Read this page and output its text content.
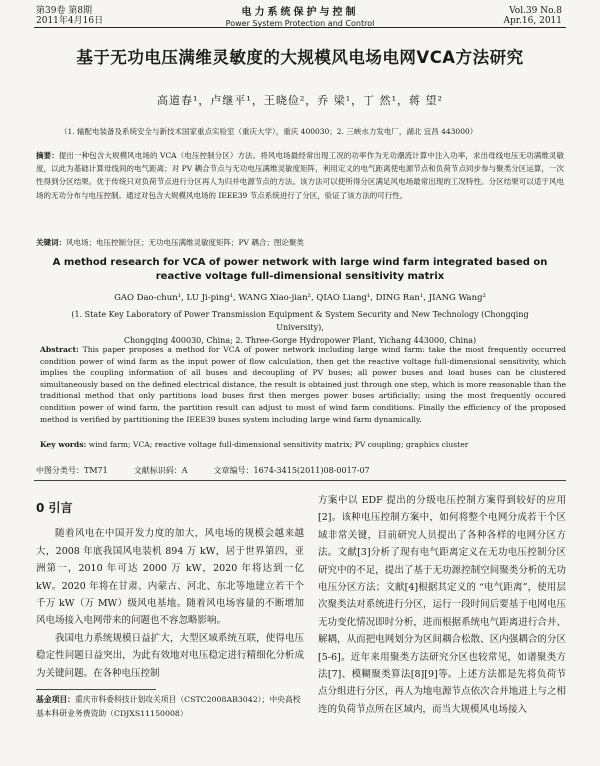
第39卷 第8期
2011年4月16日
电力系统保护与控制
Power System Protection and Control
Vol.39 No.8
Apr.16, 2011
基于无功电压满维灵敏度的大规模风电场电网VCA方法研究
高道春¹，卢继平¹，王晓俭²，乔 梁¹，丁 然¹，蒋 望²
（1. 输配电装备及系统安全与新技术国家重点实验室（重庆大学），重庆 400030；2. 三峡水力发电厂，湖北 宜昌 443000）
摘要：提出一种包含大规模风电场的 VCA（电压控制分区）方法。将风电场最经常出现工况的功率作为无功潮流计算中注入功率，求出母线电压无功满维灵敏度，以此为基础计算母线间的电气距离；对 PV 耦合节点与无功电压满维灵敏度矩阵，利用定义的电气距离使电源节点和负荷节点同步参与聚类分区运算，一次性得到分区结果。优于传统只对负荷节点进行分区再人为归并电源节点的方法。该方法可以使所得分区满足风电场最常出现的工况特性。分区结果可以适于风电场的无功分布与电压控制。通过对包含大规模风电场的 IEEE39 节点系统进行了分区，验证了该方法的可行性。
关键词：风电场；电压控制分区；无功电压满维灵敏度矩阵；PV 耦合；图论聚类
A method research for VCA of power network with large wind farm integrated based on reactive voltage full-dimensional sensitivity matrix
GAO Dao-chun¹, LU Ji-ping¹, WANG Xiao-jian², QIAO Liang¹, DING Ran¹, JIANG Wang²
(1. State Key Laboratory of Power Transmission Equipment & System Security and New Technology (Chongqing University),
Chongqing 400030, China; 2. Three-Gorge Hydropower Plant, Yichang 443000, China)
Abstract: This paper proposes a method for VCA of power network including large wind farm: take the most frequently occurred condition power of wind farm as the input power of flow calculation, then get the reactive voltage full-dimensional sensitivity, which implies the coupling information of all buses and decoupling of PV buses; all power buses and load buses can be clustered simultaneously based on the defined electrical distance, the result is obtained just through one step, which is more reasonable than the traditional method that only partitions load buses first then merges power buses artificially; using the most frequently occured condition power of wind farm, the partition result can adjust to most of wind farm conditions. Finally the efficiency of the proposed method is verified by partitioning the IEEE39 buses system including large wind farm dynamically.
Key words: wind farm; VCA; reactive voltage full-dimensional sensitivity matrix; PV coupling; graphics cluster
中图分类号：TM71	文献标识码：A	文章编号：1674-3415(2011)08-0017-07
0 引言

随着风电在中国开发力度的加大，风电场的规模会越来越大，2008 年底我国风电装机 894 万 kW，居于世界第四，亚洲第一，2010 年可达 2000 万 kW，2020 年将达到一亿 kW。2020 年将在甘肃、内蒙古、河北、东北等地建立若干个千万 kW（万 MW）级风电基地。随着风电场容量的不断增加风电场接入电网带来的问题也不容忽略影响。

我国电力系统规模日益扩大，大型区域系统互联，使得电压稳定性问题日益突出，为此有效地对电压稳定进行精细化分析成为关键问题。在各种电压控制

方案中以 EDF 提出的分级电压控制方案得到较好的应用[2]。该种电压控制方案中，如何将整个电网分成若干个区域非常关键，目前研究人员提出了各种各样的电网分区方法。文献[3]分析了现有电气距离定义在无功电压控制分区研究中的不足，提出了基于无功源控制空间聚类分析的无功电压分区方法；文献[4]根据其定义的 “电气距离”，使用层次聚类法对系统进行分区，运行一段时间后要基于电网电压无功变化情况即时分析，进而根据系统电气距离进行合并、解耦，从而把电网划分为区间耦合松散、区内强耦合的分区[5-6]。近年来用聚类方法研究分区也较常见，如谱聚类方法[7]、模糊聚类算法[8][9]等。上述方法都是先将负荷节点分组进行分区，再人为地电源节点依次合并地进上与之相连的负荷节点所在区域内，而当大规模风电场接入

基金项目：重庆市科委科技计划攻关项目（CSTC2008AB3042）；中央高校基本科研业务费资助（CDJXS11150008）
